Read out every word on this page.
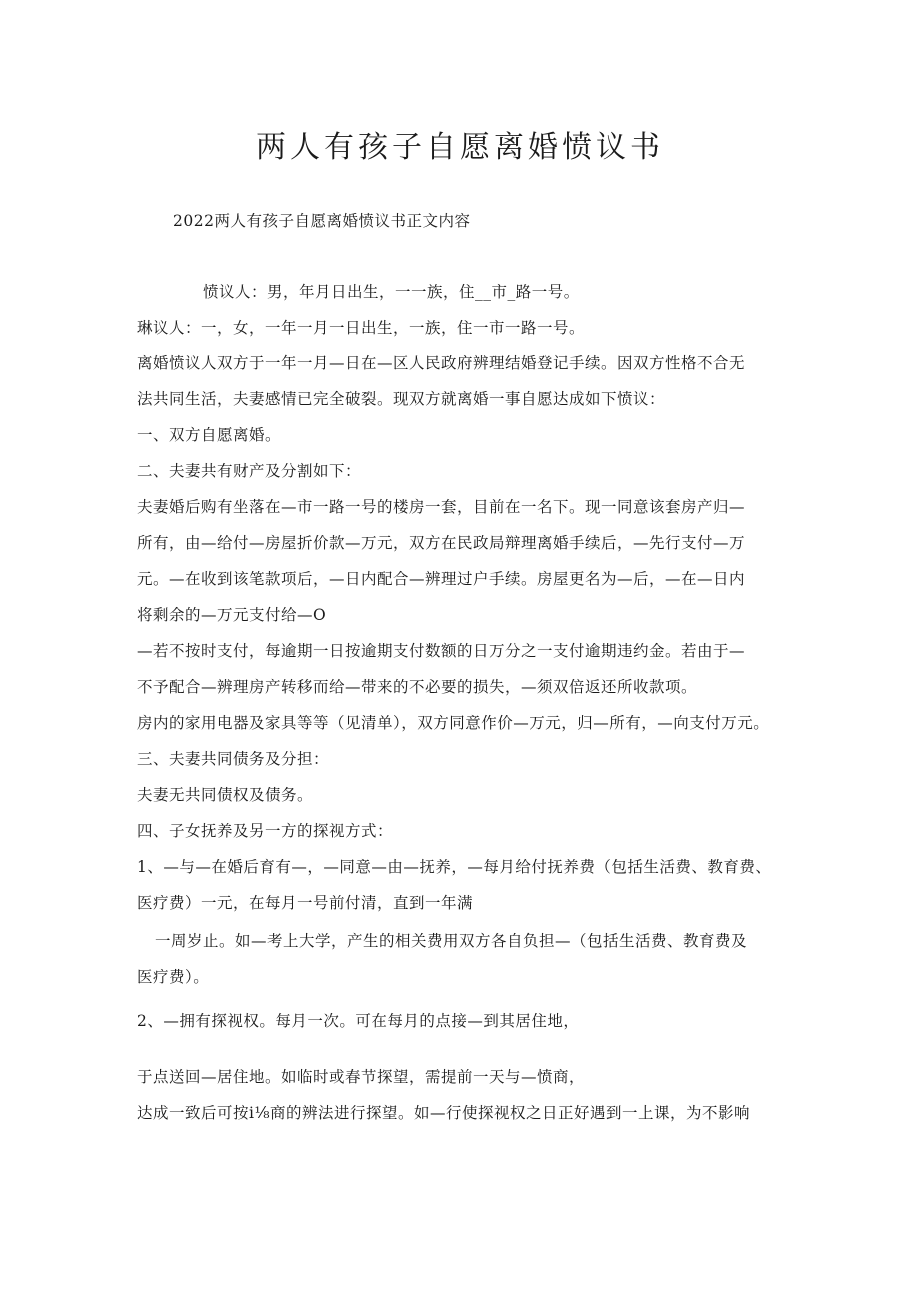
两人有孩子自愿离婚愤议书
2022两人有孩子自愿离婚愤议书正文内容
愤议人：男，年月日出生，一一族，住__市_路一号。
琳议人：一，女，一年一月一日出生，一族，住一市一路一号。
离婚愤议人双方于一年一月—日在—区人民政府辨理结婚登记手续。因双方性格不合无
法共同生活，夫妻感情已完全破裂。现双方就离婚一事自愿达成如下愤议：
一、双方自愿离婚。
二、夫妻共有财产及分割如下：
夫妻婚后购有坐落在—市一路一号的楼房一套，目前在一名下。现一同意该套房产归—
所有，由—给付—房屋折价款—万元，双方在民政局辩理离婚手续后，—先行支付—万
元。—在收到该笔款项后，—日内配合—辨理过户手续。房屋更名为—后，—在—日内
将剩余的—万元支付给—O
—若不按时支付，每逾期一日按逾期支付数额的日万分之一支付逾期违约金。若由于—
不予配合—辨理房产转移而给—带来的不必要的损失，—须双倍返还所收款项。
房内的家用电器及家具等等（见清单），双方同意作价—万元，归—所有，—向支付万元。
三、夫妻共同债务及分担：
夫妻无共同债权及债务。
四、子女抚养及另一方的探视方式：
1、—与—在婚后育有—，—同意—由—抚养，—每月给付抚养费（包括生活费、教育费、
医疗费）一元，在每月一号前付清，直到一年满
一周岁止。如—考上大学，产生的相关费用双方各自负担—（包括生活费、教育费及
医疗费）。
2、—拥有探视权。每月一次。可在每月的点接—到其居住地，
于点送回—居住地。如临时或春节探望，需提前一天与—愤商，
达成一致后可按i⅛商的辨法进行探望。如—行使探视权之日正好遇到一上课，为不影响
